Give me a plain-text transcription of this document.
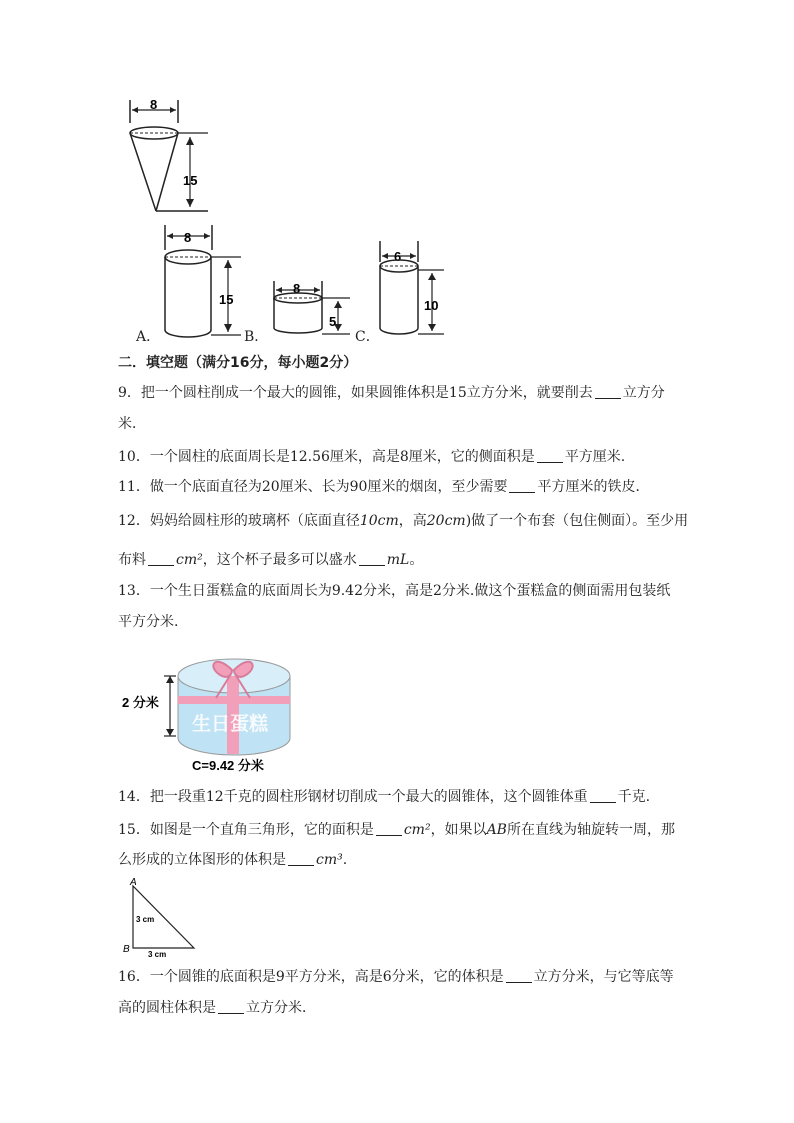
8
15
A．
8
15
B．
8
5
C．
6
10
二．填空题（满分16分，每小题2分）
9．把一个圆柱削成一个最大的圆锥，如果圆锥体积是15立方分米，就要削去 立方分
米．
10．一个圆柱的底面周长是12.56厘米，高是8厘米，它的侧面积是 平方厘米.
11．做一个底面直径为20厘米、长为90厘米的烟囱，至少需要 平方厘米的铁皮．
12．妈妈给圆柱形的玻璃杯（底面直径10cm，高20cm)做了一个布套（包住侧面）。至少用
布料 cm²，这个杯子最多可以盛水 mL。
13．一个生日蛋糕盒的底面周长为9.42分米，高是2分米.做这个蛋糕盒的侧面需用包装纸
平方分米.
2 分米
生日蛋糕
C=9.42 分米
14．把一段重12千克的圆柱形钢材切削成一个最大的圆锥体，这个圆锥体重 千克.
15．如图是一个直角三角形，它的面积是 cm²，如果以AB所在直线为轴旋转一周，那
么形成的立体图形的体积是 cm³.
A
B
3 cm
3 cm
16．一个圆锥的底面积是9平方分米，高是6分米，它的体积是 立方分米，与它等底等
高的圆柱体积是 立方分米．
